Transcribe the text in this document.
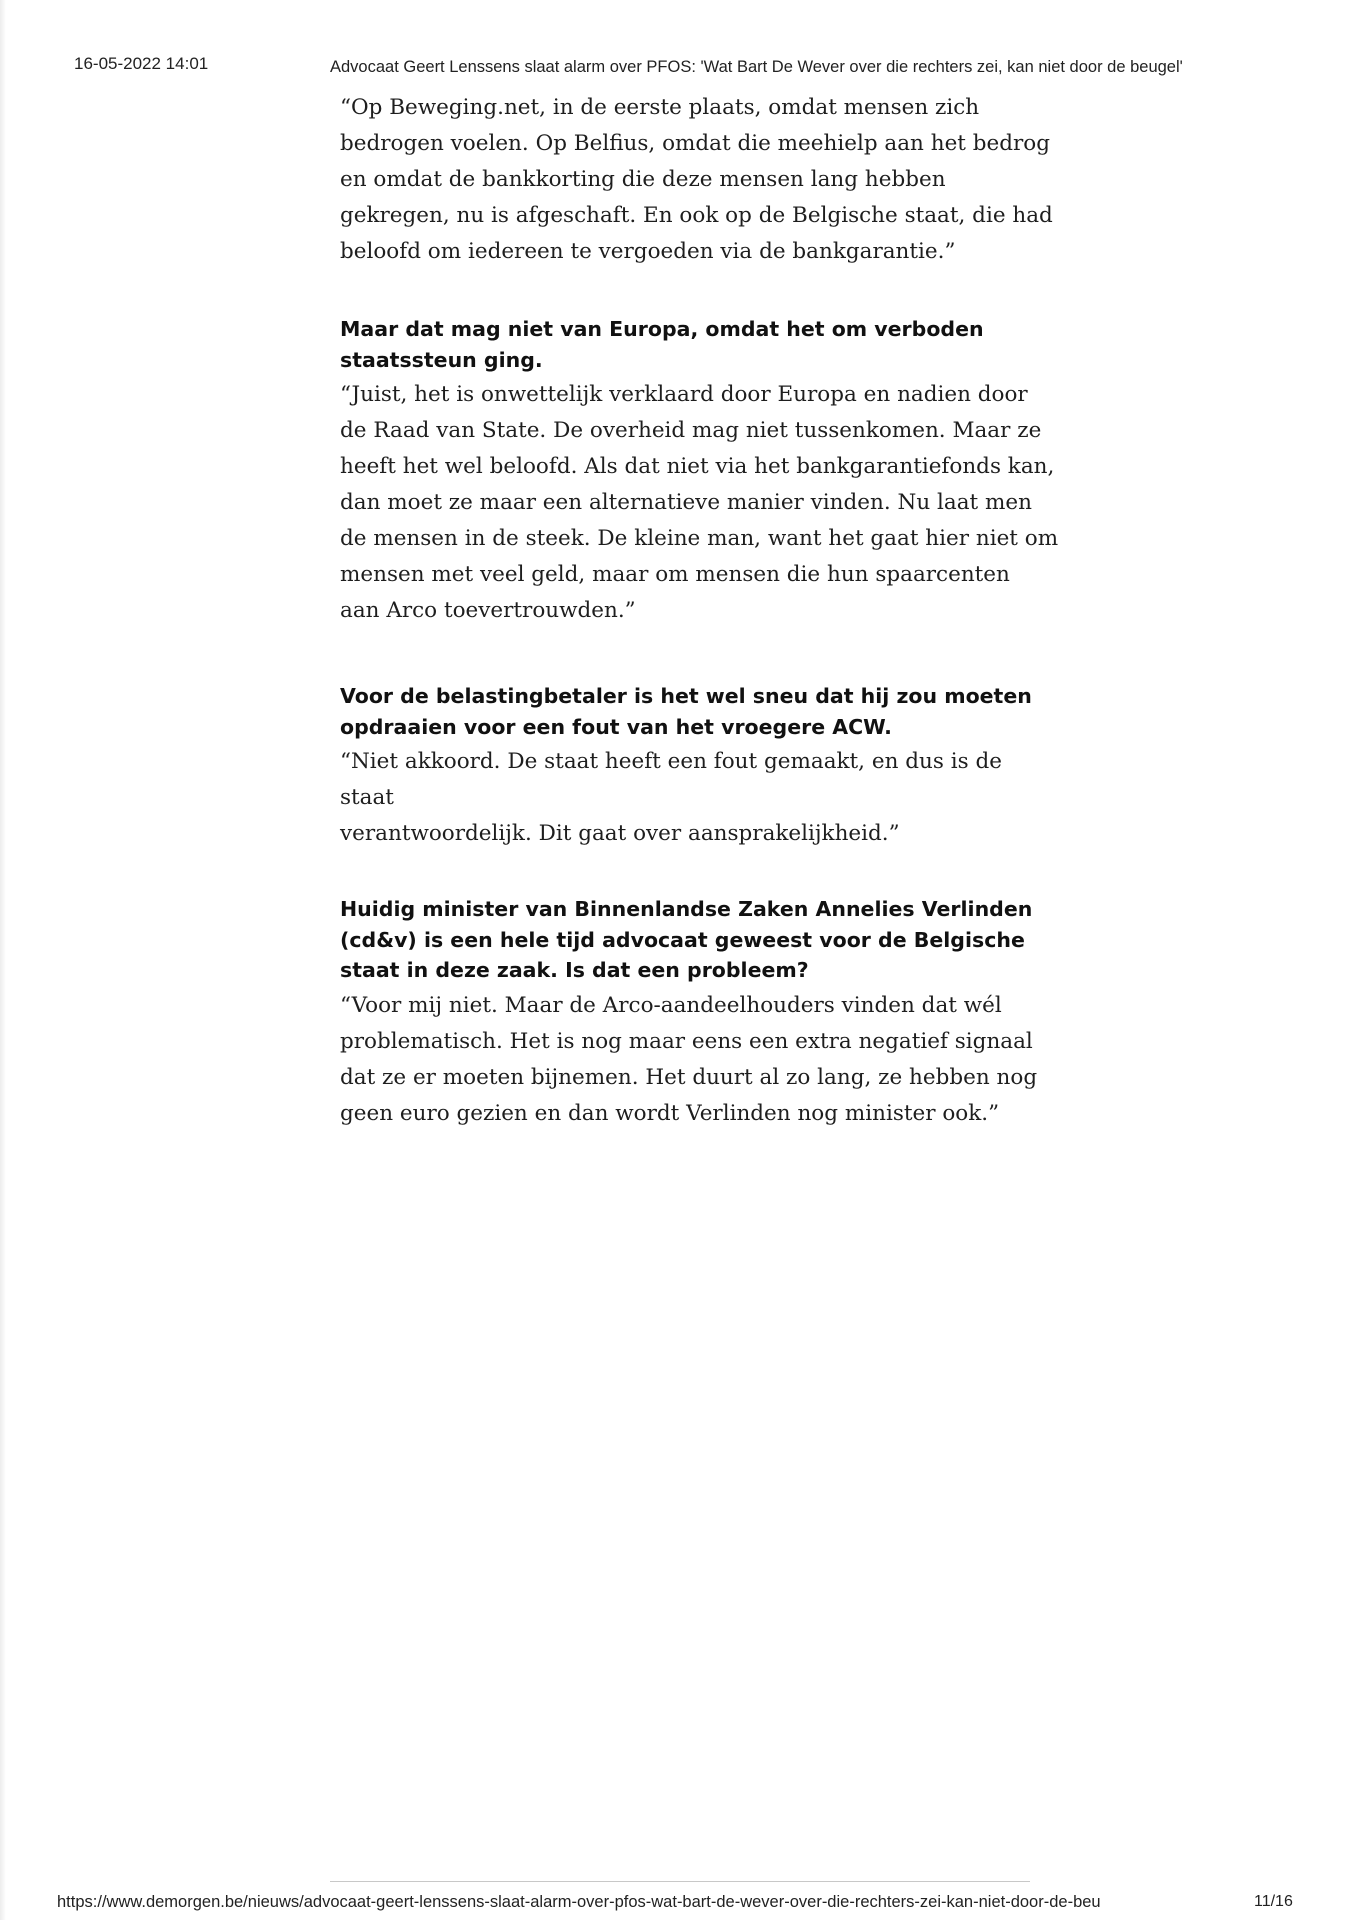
16-05-2022 14:01	Advocaat Geert Lenssens slaat alarm over PFOS: 'Wat Bart De Wever over die rechters zei, kan niet door de beugel'

“Op Beweging.net, in de eerste plaats, omdat mensen zich
bedrogen voelen. Op Belfius, omdat die meehielp aan het bedrog
en omdat de bankkorting die deze mensen lang hebben
gekregen, nu is afgeschaft. En ook op de Belgische staat, die had
beloofd om iedereen te vergoeden via de bankgarantie.”

Maar dat mag niet van Europa, omdat het om verboden
staatssteun ging.

“Juist, het is onwettelijk verklaard door Europa en nadien door
de Raad van State. De overheid mag niet tussenkomen. Maar ze
heeft het wel beloofd. Als dat niet via het bankgarantiefonds kan,
dan moet ze maar een alternatieve manier vinden. Nu laat men
de mensen in de steek. De kleine man, want het gaat hier niet om
mensen met veel geld, maar om mensen die hun spaarcenten
aan Arco toevertrouwden.”

Voor de belastingbetaler is het wel sneu dat hij zou moeten
opdraaien voor een fout van het vroegere ACW.

“Niet akkoord. De staat heeft een fout gemaakt, en dus is de staat
verantwoordelijk. Dit gaat over aansprakelijkheid.”

Huidig minister van Binnenlandse Zaken Annelies Verlinden
(cd&v) is een hele tijd advocaat geweest voor de Belgische
staat in deze zaak. Is dat een probleem?

“Voor mij niet. Maar de Arco-aandeelhouders vinden dat wél
problematisch. Het is nog maar eens een extra negatief signaal
dat ze er moeten bijnemen. Het duurt al zo lang, ze hebben nog
geen euro gezien en dan wordt Verlinden nog minister ook.”

https://www.demorgen.be/nieuws/advocaat-geert-lenssens-slaat-alarm-over-pfos-wat-bart-de-wever-over-die-rechters-zei-kan-niet-door-de-beu	11/16
